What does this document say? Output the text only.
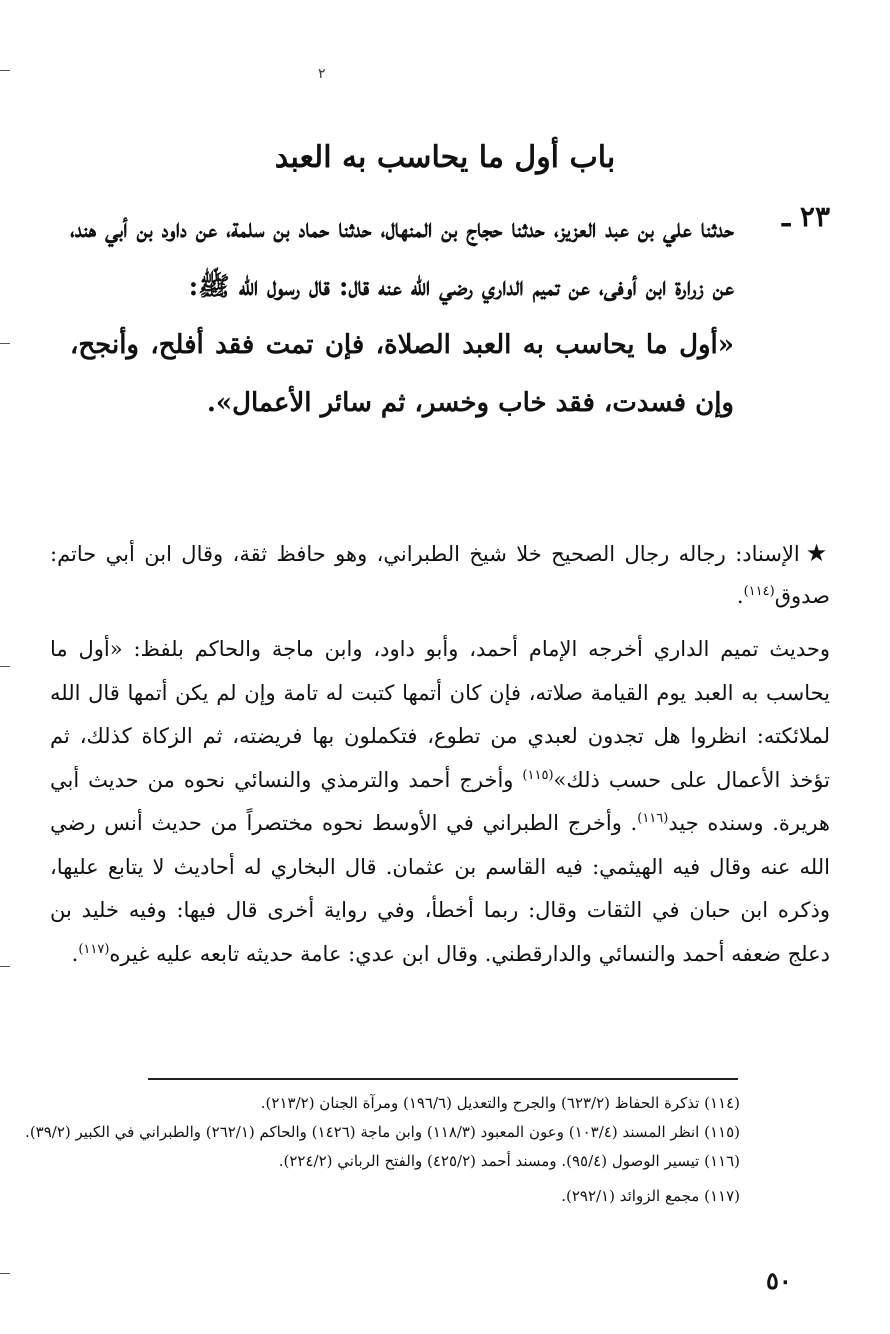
٢
باب أول ما يحاسب به العبد
٢٣ ـ
حدثنا علي بن عبد العزيز، حدثنا حجاج بن المنهال، حدثنا حماد بن سلمة، عن داود بن أبي هند، عن زرارة ابن أوفى، عن تميم الداري رضي الله عنه قال: قال رسول الله ﷺ:
«أول ما يحاسب به العبد الصلاة، فإن تمت فقد أفلح، وأنجح، وإن فسدت، فقد خاب وخسر، ثم سائر الأعمال».
★الإسناد: رجاله رجال الصحيح خلا شيخ الطبراني، وهو حافظ ثقة، وقال ابن أبي حاتم: صدوق$^{(١١٤)}$.
وحديث تميم الداري أخرجه الإمام أحمد، وأبو داود، وابن ماجة والحاكم بلفظ: «أول ما يحاسب به العبد يوم القيامة صلاته، فإن كان أتمها كتبت له تامة وإن لم يكن أتمها قال الله لملائكته: انظروا هل تجدون لعبدي من تطوع، فتكملون بها فريضته، ثم الزكاة كذلك، ثم تؤخذ الأعمال على حسب ذلك»$^{(١١٥)}$ وأخرج أحمد والترمذي والنسائي نحوه من حديث أبي هريرة. وسنده جيد$^{(١١٦)}$. وأخرج الطبراني في الأوسط نحوه مختصراً من حديث أنس رضي الله عنه وقال فيه الهيثمي: فيه القاسم بن عثمان. قال البخاري له أحاديث لا يتابع عليها، وذكره ابن حبان في الثقات وقال: ربما أخطأ، وفي رواية أخرى قال فيها: وفيه خليد بن دعلج ضعفه أحمد والنسائي والدارقطني. وقال ابن عدي: عامة حديثه تابعه عليه غيره$^{(١١٧)}$.
(١١٤) تذكرة الحفاظ (٦٢٣/٢) والجرح والتعديل (١٩٦/٦) ومرآة الجنان (٢١٣/٢).
(١١٥) انظر المسند (١٠٣/٤) وعون المعبود (١١٨/٣) وابن ماجة (١٤٢٦) والحاكم (٢٦٢/١) والطبراني في الكبير (٣٩/٢).
(١١٦) تيسير الوصول (٩٥/٤). ومسند أحمد (٤٢٥/٢) والفتح الرباني (٢٢٤/٢).
(١١٧) مجمع الزوائد (٢٩٢/١).
٥٠
